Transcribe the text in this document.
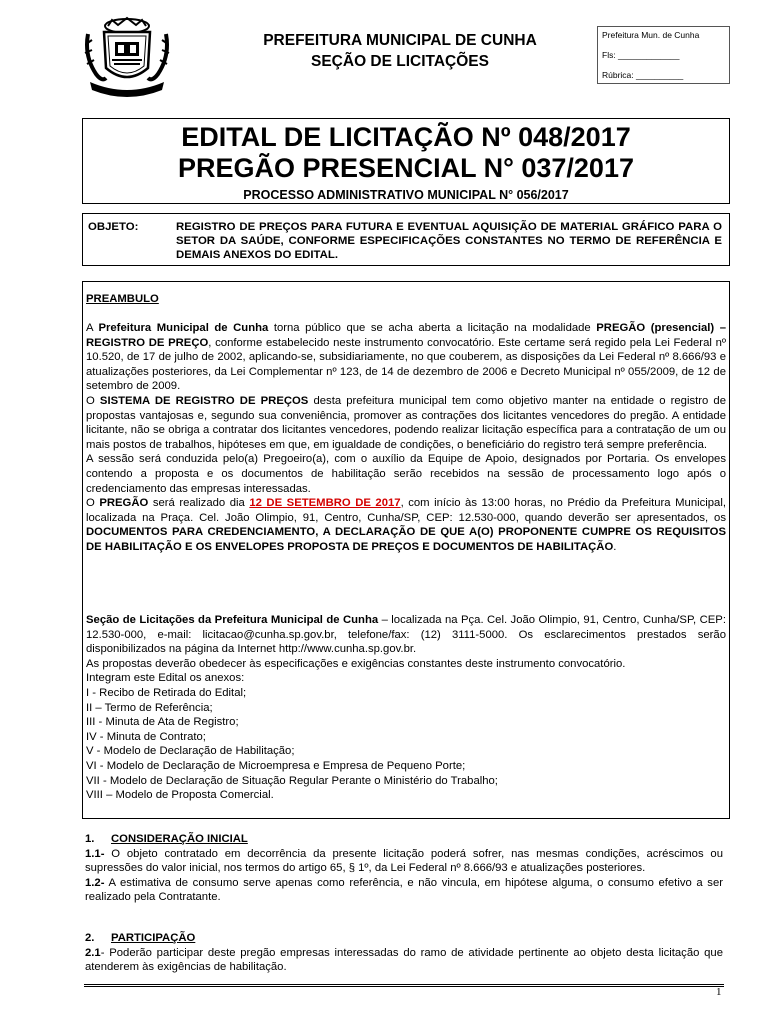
PREFEITURA MUNICIPAL DE CUNHA
SEÇÃO DE LICITAÇÕES
Prefeitura Mun. de Cunha
Fls: _____________
Rúbrica: __________
EDITAL DE LICITAÇÃO Nº 048/2017
PREGÃO PRESENCIAL N° 037/2017
PROCESSO ADMINISTRATIVO MUNICIPAL N° 056/2017
OBJETO:	REGISTRO DE PREÇOS PARA FUTURA E EVENTUAL AQUISIÇÃO DE MATERIAL GRÁFICO PARA O SETOR DA SAÚDE, CONFORME ESPECIFICAÇÕES CONSTANTES NO TERMO DE REFERÊNCIA E DEMAIS ANEXOS DO EDITAL.

PREAMBULO

A Prefeitura Municipal de Cunha torna público que se acha aberta a licitação na modalidade PREGÃO (presencial) – REGISTRO DE PREÇO, conforme estabelecido neste instrumento convocatório. Este certame será regido pela Lei Federal nº 10.520, de 17 de julho de 2002, aplicando-se, subsidiariamente, no que couberem, as disposições da Lei Federal nº 8.666/93 e atualizações posteriores, da Lei Complementar nº 123, de 14 de dezembro de 2006 e Decreto Municipal nº 055/2009, de 12 de setembro de 2009.

O SISTEMA DE REGISTRO DE PREÇOS desta prefeitura municipal tem como objetivo manter na entidade o registro de propostas vantajosas e, segundo sua conveniência, promover as contrações dos licitantes vencedores do pregão. A entidade licitante, não se obriga a contratar dos licitantes vencedores, podendo realizar licitação específica para a contratação de um ou mais postos de trabalhos, hipóteses em que, em igualdade de condições, o beneficiário do registro terá sempre preferência.

A sessão será conduzida pelo(a) Pregoeiro(a), com o auxílio da Equipe de Apoio, designados por Portaria. Os envelopes contendo a proposta e os documentos de habilitação serão recebidos na sessão de processamento logo após o credenciamento das empresas interessadas.

O PREGÃO será realizado dia 12 DE SETEMBRO DE 2017, com início às 13:00 horas, no Prédio da Prefeitura Municipal, localizada na Praça. Cel. João Olimpio, 91, Centro, Cunha/SP, CEP: 12.530-000, quando deverão ser apresentados, os DOCUMENTOS PARA CREDENCIAMENTO, A DECLARAÇÃO DE QUE A(O) PROPONENTE CUMPRE OS REQUISITOS DE HABILITAÇÃO E OS ENVELOPES PROPOSTA DE PREÇOS E DOCUMENTOS DE HABILITAÇÃO.

Seção de Licitações da Prefeitura Municipal de Cunha – localizada na Pça. Cel. João Olimpio, 91, Centro, Cunha/SP, CEP: 12.530-000, e-mail: licitacao@cunha.sp.gov.br, telefone/fax: (12) 3111-5000. Os esclarecimentos prestados serão disponibilizados na página da Internet http://www.cunha.sp.gov.br.

As propostas deverão obedecer às especificações e exigências constantes deste instrumento convocatório.

Integram este Edital os anexos:

I - Recibo de Retirada do Edital;

II – Termo de Referência;

III - Minuta de Ata de Registro;

IV - Minuta de Contrato;

V - Modelo de Declaração de Habilitação;

VI - Modelo de Declaração de Microempresa e Empresa de Pequeno Porte;

VII - Modelo de Declaração de Situação Regular Perante o Ministério do Trabalho;

VIII – Modelo de Proposta Comercial.

1. CONSIDERAÇÃO INICIAL

1.1- O objeto contratado em decorrência da presente licitação poderá sofrer, nas mesmas condições, acréscimos ou supressões do valor inicial, nos termos do artigo 65, § 1º, da Lei Federal nº 8.666/93 e atualizações posteriores.

1.2- A estimativa de consumo serve apenas como referência, e não vincula, em hipótese alguma, o consumo efetivo a ser realizado pela Contratante.

2. PARTICIPAÇÃO

2.1- Poderão participar deste pregão empresas interessadas do ramo de atividade pertinente ao objeto desta licitação que atenderem às exigências de habilitação.

1
